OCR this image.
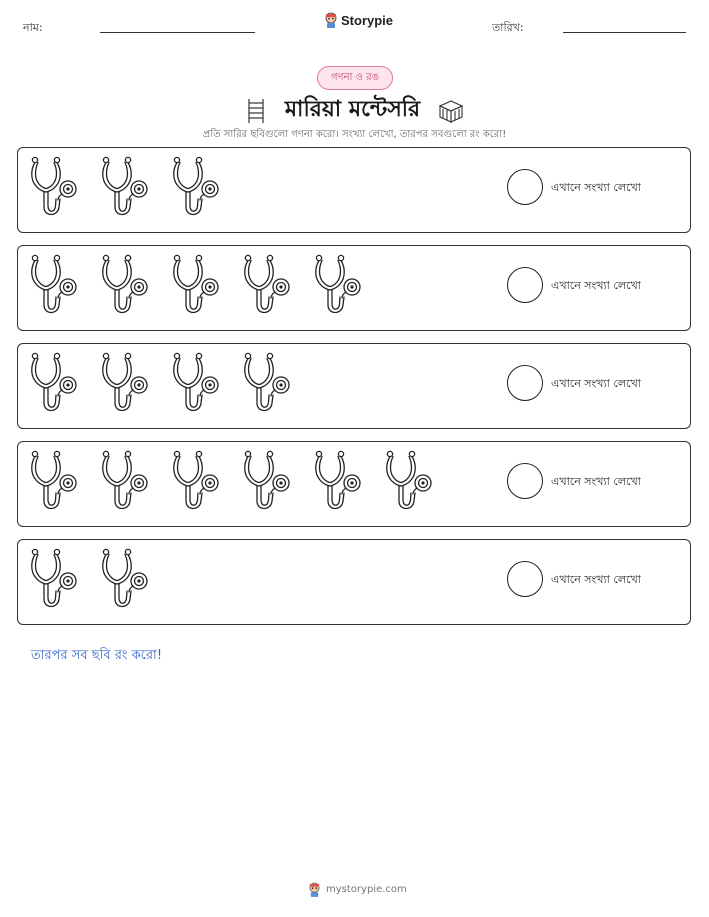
নাম:	Storypie	তারিখ:
গণনা ও রঙ
মারিয়া মন্টেসরি
প্রতি সারির ছবিগুলো গণনা করো। সংখ্যা লেখো, তারপর সবগুলো রং করো!
এখানে সংখ্যা লেখো
এখানে সংখ্যা লেখো
এখানে সংখ্যা লেখো
এখানে সংখ্যা লেখো
এখানে সংখ্যা লেখো
তারপর সব ছবি রং করো!
mystorypie.com
